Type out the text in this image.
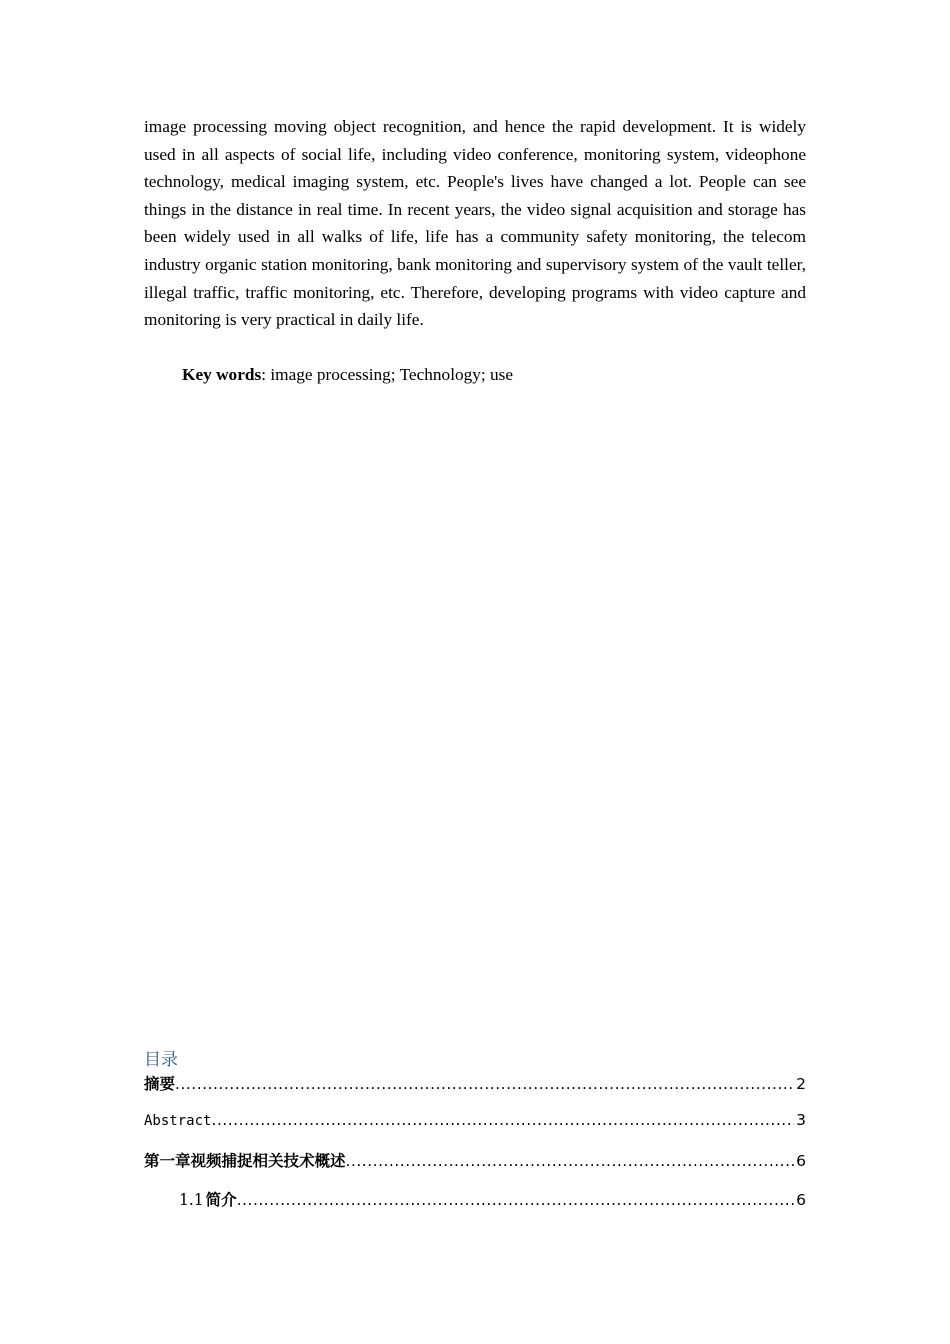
image processing moving object recognition, and hence the rapid development. It is widely used in all aspects of social life, including video conference, monitoring system, videophone technology, medical imaging system, etc. People's lives have changed a lot. People can see things in the distance in real time. In recent years, the video signal acquisition and storage has been widely used in all walks of life, life has a community safety monitoring, the telecom industry organic station monitoring, bank monitoring and supervisory system of the vault teller, illegal traffic, traffic monitoring, etc. Therefore, developing programs with video capture and monitoring is very practical in daily life.

Key words: image processing; Technology; use

目录
摘要 .....	2
Abstract .....	3
第一章视频捕捉相关技术概述 .....	6
1.1 简介 .....	6
